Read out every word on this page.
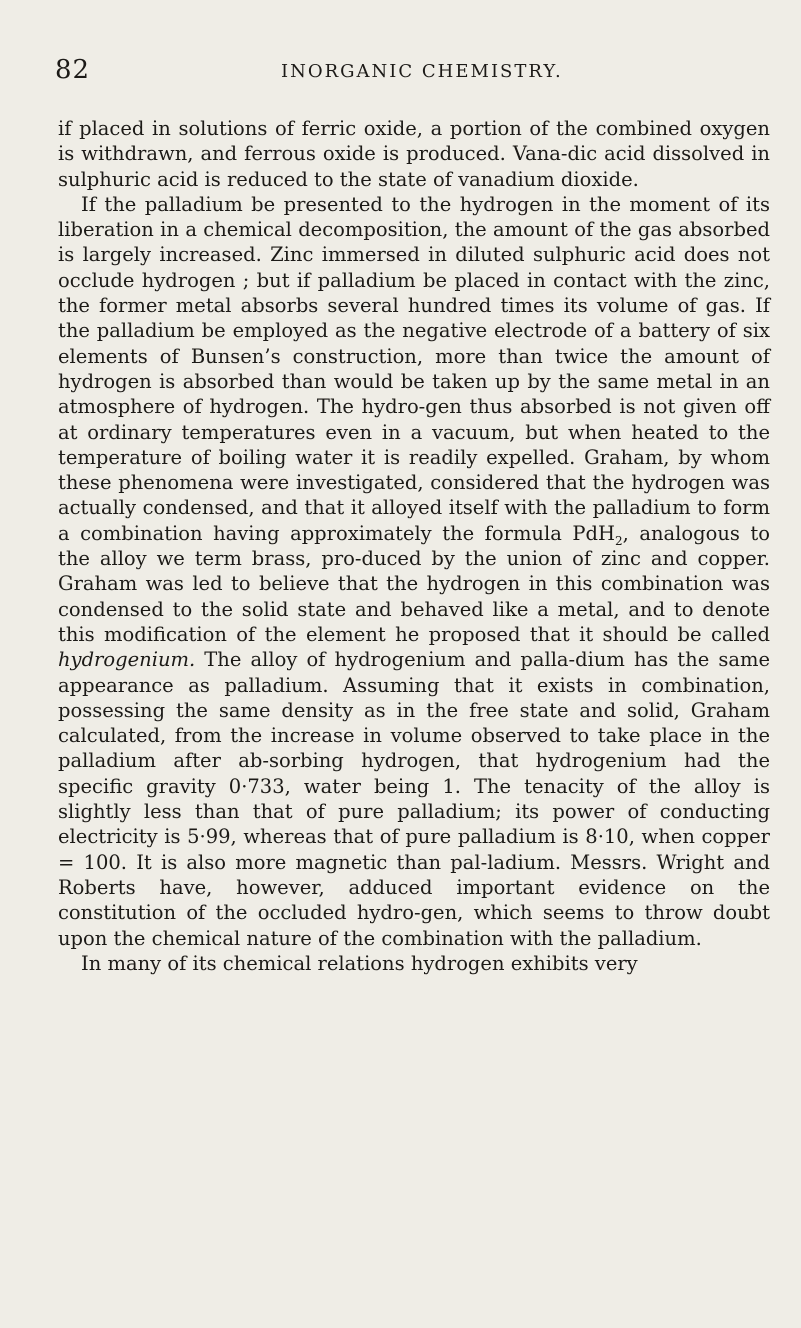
82	INORGANIC CHEMISTRY.

if placed in solutions of ferric oxide, a portion of the combined oxygen is withdrawn, and ferrous oxide is produced. Vana-dic acid dissolved in sulphuric acid is reduced to the state of vanadium dioxide.

If the palladium be presented to the hydrogen in the moment of its liberation in a chemical decomposition, the amount of the gas absorbed is largely increased. Zinc immersed in diluted sulphuric acid does not occlude hydrogen ; but if palladium be placed in contact with the zinc, the former metal absorbs several hundred times its volume of gas. If the palladium be employed as the negative electrode of a battery of six elements of Bunsen’s construction, more than twice the amount of hydrogen is absorbed than would be taken up by the same metal in an atmosphere of hydrogen. The hydro-gen thus absorbed is not given off at ordinary temperatures even in a vacuum, but when heated to the temperature of boiling water it is readily expelled. Graham, by whom these phenomena were investigated, considered that the hydrogen was actually condensed, and that it alloyed itself with the palladium to form a combination having approximately the formula PdH$_2$, analogous to the alloy we term brass, pro-duced by the union of zinc and copper. Graham was led to believe that the hydrogen in this combination was condensed to the solid state and behaved like a metal, and to denote this modification of the element he proposed that it should be called hydrogenium. The alloy of hydrogenium and palla-dium has the same appearance as palladium. Assuming that it exists in combination, possessing the same density as in the free state and solid, Graham calculated, from the increase in volume observed to take place in the palladium after ab-sorbing hydrogen, that hydrogenium had the specific gravity 0·733, water being 1. The tenacity of the alloy is slightly less than that of pure palladium; its power of conducting electricity is 5·99, whereas that of pure palladium is 8·10, when copper = 100. It is also more magnetic than pal-ladium. Messrs. Wright and Roberts have, however, adduced important evidence on the constitution of the occluded hydro-gen, which seems to throw doubt upon the chemical nature of the combination with the palladium.

In many of its chemical relations hydrogen exhibits very
